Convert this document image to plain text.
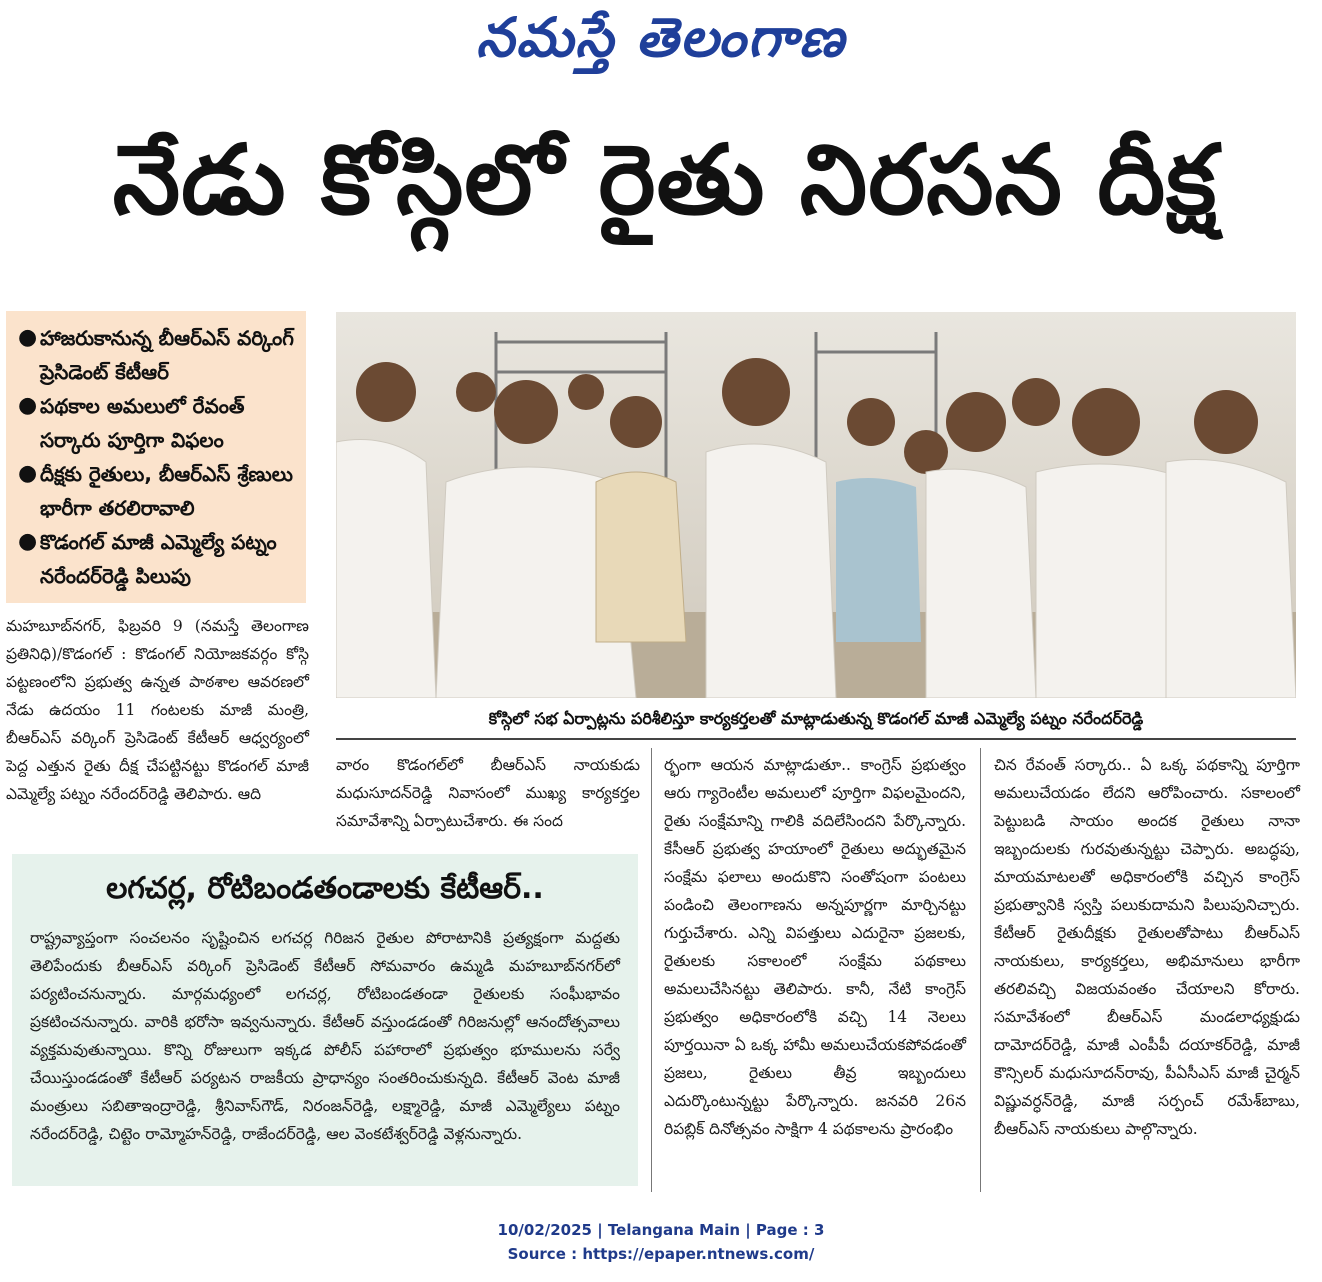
నమస్తే తెలంగాణ
నేడు కోస్గిలో రైతు నిరసన దీక్ష
● హాజరుకానున్న బీఆర్‌ఎస్ వర్కింగ్ ప్రెసిడెంట్ కేటీఆర్
● పథకాల అమలులో రేవంత్ సర్కారు పూర్తిగా విఫలం
● దీక్షకు రైతులు, బీఆర్‌ఎస్ శ్రేణులు భారీగా తరలిరావాలి
● కొడంగల్ మాజీ ఎమ్మెల్యే పట్నం నరేందర్‌రెడ్డి పిలుపు
కోస్గిలో సభ ఏర్పాట్లను పరిశీలిస్తూ కార్యకర్తలతో మాట్లాడుతున్న కొడంగల్ మాజీ ఎమ్మెల్యే పట్నం నరేందర్‌రెడ్డి
మహబూబ్‌నగర్, ఫిబ్రవరి 9 (నమస్తే తెలంగాణ ప్రతినిధి)/కొడంగల్ : కొడంగల్ నియోజకవర్గం కోస్గి పట్టణంలోని ప్రభుత్వ ఉన్నత పాఠశాల ఆవరణలో నేడు ఉదయం 11 గంటలకు మాజీ మంత్రి, బీఆర్‌ఎస్ వర్కింగ్ ప్రెసిడెంట్ కేటీఆర్ ఆధ్వర్యంలో పెద్ద ఎత్తున రైతు దీక్ష చేపట్టినట్టు కొడంగల్ మాజీ ఎమ్మెల్యే పట్నం నరేందర్‌రెడ్డి తెలిపారు. ఆది
వారం కొడంగల్‌లో బీఆర్‌ఎస్ నాయకుడు మధుసూదన్‌రెడ్డి నివాసంలో ముఖ్య కార్యకర్తల సమావేశాన్ని ఏర్పాటుచేశారు. ఈ సంద
ర్భంగా ఆయన మాట్లాడుతూ.. కాంగ్రెస్ ప్రభుత్వం ఆరు గ్యారెంటీల అమలులో పూర్తిగా విఫలమైందని, రైతు సంక్షేమాన్ని గాలికి వదిలేసిందని పేర్కొన్నారు. కేసీఆర్ ప్రభుత్వ హయాంలో రైతులు అద్భుతమైన సంక్షేమ ఫలాలు అందుకొని సంతోషంగా పంటలు పండించి తెలంగాణను అన్నపూర్ణగా మార్చినట్టు గుర్తుచేశారు. ఎన్ని విపత్తులు ఎదురైనా ప్రజలకు, రైతులకు సకాలంలో సంక్షేమ పథకాలు అమలుచేసినట్టు తెలిపారు. కానీ, నేటి కాంగ్రెస్ ప్రభుత్వం అధికారంలోకి వచ్చి 14 నెలలు పూర్తయినా ఏ ఒక్క హామీ అమలుచేయకపోవడంతో ప్రజలు, రైతులు తీవ్ర ఇబ్బందులు ఎదుర్కొంటున్నట్టు పేర్కొన్నారు. జనవరి 26న రిపబ్లిక్ దినోత్సవం సాక్షిగా 4 పథకాలను ప్రారంభిం
చిన రేవంత్ సర్కారు.. ఏ ఒక్క పథకాన్ని పూర్తిగా అమలుచేయడం లేదని ఆరోపించారు. సకాలంలో పెట్టుబడి సాయం అందక రైతులు నానా ఇబ్బందులకు గురవుతున్నట్టు చెప్పారు. అబద్ధపు, మాయమాటలతో అధికారంలోకి వచ్చిన కాంగ్రెస్ ప్రభుత్వానికి స్వస్తి పలుకుదామని పిలుపునిచ్చారు. కేటీఆర్ రైతుదీక్షకు రైతులతోపాటు బీఆర్‌ఎస్ నాయకులు, కార్యకర్తలు, అభిమానులు భారీగా తరలివచ్చి విజయవంతం చేయాలని కోరారు. సమావేశంలో బీఆర్‌ఎస్ మండలాధ్యక్షుడు దామోదర్‌రెడ్డి, మాజీ ఎంపీపీ దయాకర్‌రెడ్డి, మాజీ కౌన్సిలర్ మధుసూదన్‌రావు, పీఏసీఎస్ మాజీ చైర్మన్ విష్ణువర్ధన్‌రెడ్డి, మాజీ సర్పంచ్ రమేశ్‌బాబు, బీఆర్‌ఎస్ నాయకులు పాల్గొన్నారు.

లగచర్ల, రోటిబండతండాలకు కేటీఆర్..

రాష్ట్రవ్యాప్తంగా సంచలనం సృష్టించిన లగచర్ల గిరిజన రైతుల పోరాటానికి ప్రత్యక్షంగా మద్దతు తెలిపేందుకు బీఆర్‌ఎస్ వర్కింగ్ ప్రెసిడెంట్ కేటీఆర్ సోమవారం ఉమ్మడి మహబూబ్‌నగర్‌లో పర్యటించనున్నారు. మార్గమధ్యంలో లగచర్ల, రోటిబండతండా రైతులకు సంఘీభావం ప్రకటించనున్నారు. వారికి భరోసా ఇవ్వనున్నారు. కేటీఆర్ వస్తుండడంతో గిరిజనుల్లో ఆనందోత్సవాలు వ్యక్తమవుతున్నాయి. కొన్ని రోజులుగా ఇక్కడ పోలీస్ పహారాలో ప్రభుత్వం భూములను సర్వే చేయిస్తుండడంతో కేటీఆర్ పర్యటన రాజకీయ ప్రాధాన్యం సంతరించుకున్నది. కేటీఆర్ వెంట మాజీ మంత్రులు సబితాఇంద్రారెడ్డి, శ్రీనివాస్‌గౌడ్, నిరంజన్‌రెడ్డి, లక్ష్మారెడ్డి, మాజీ ఎమ్మెల్యేలు పట్నం నరేందర్‌రెడ్డి, చిట్టెం రామ్మోహన్‌రెడ్డి, రాజేందర్‌రెడ్డి, ఆల వెంకటేశ్వర్‌రెడ్డి వెళ్లనున్నారు.
10/02/2025 | Telangana Main | Page : 3
Source : https://epaper.ntnews.com/
